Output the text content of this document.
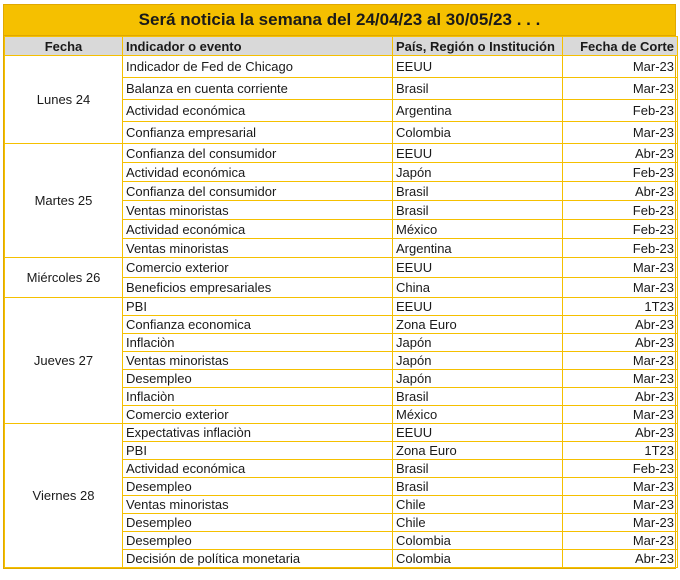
Será noticia la semana del 24/04/23 al 30/05/23 . . .
Fecha	Indicador o evento	País, Región o Institución	Fecha de Corte
Lunes 24	Indicador de Fed de Chicago	EEUU	Mar-23
	Balanza en cuenta corriente	Brasil	Mar-23
	Actividad económica	Argentina	Feb-23
	Confianza empresarial	Colombia	Mar-23
Martes 25	Confianza del consumidor	EEUU	Abr-23
	Actividad económica	Japón	Feb-23
	Confianza del consumidor	Brasil	Abr-23
	Ventas minoristas	Brasil	Feb-23
	Actividad económica	México	Feb-23
	Ventas minoristas	Argentina	Feb-23
Miércoles 26	Comercio exterior	EEUU	Mar-23
	Beneficios empresariales	China	Mar-23
Jueves 27	PBI	EEUU	1T23
	Confianza economica	Zona Euro	Abr-23
	Inflaciòn	Japón	Abr-23
	Ventas minoristas	Japón	Mar-23
	Desempleo	Japón	Mar-23
	Inflaciòn	Brasil	Abr-23
	Comercio exterior	México	Mar-23
Viernes 28	Expectativas inflaciòn	EEUU	Abr-23
	PBI	Zona Euro	1T23
	Actividad económica	Brasil	Feb-23
	Desempleo	Brasil	Mar-23
	Ventas minoristas	Chile	Mar-23
	Desempleo	Chile	Mar-23
	Desempleo	Colombia	Mar-23
	Decisión de política monetaria	Colombia	Abr-23
